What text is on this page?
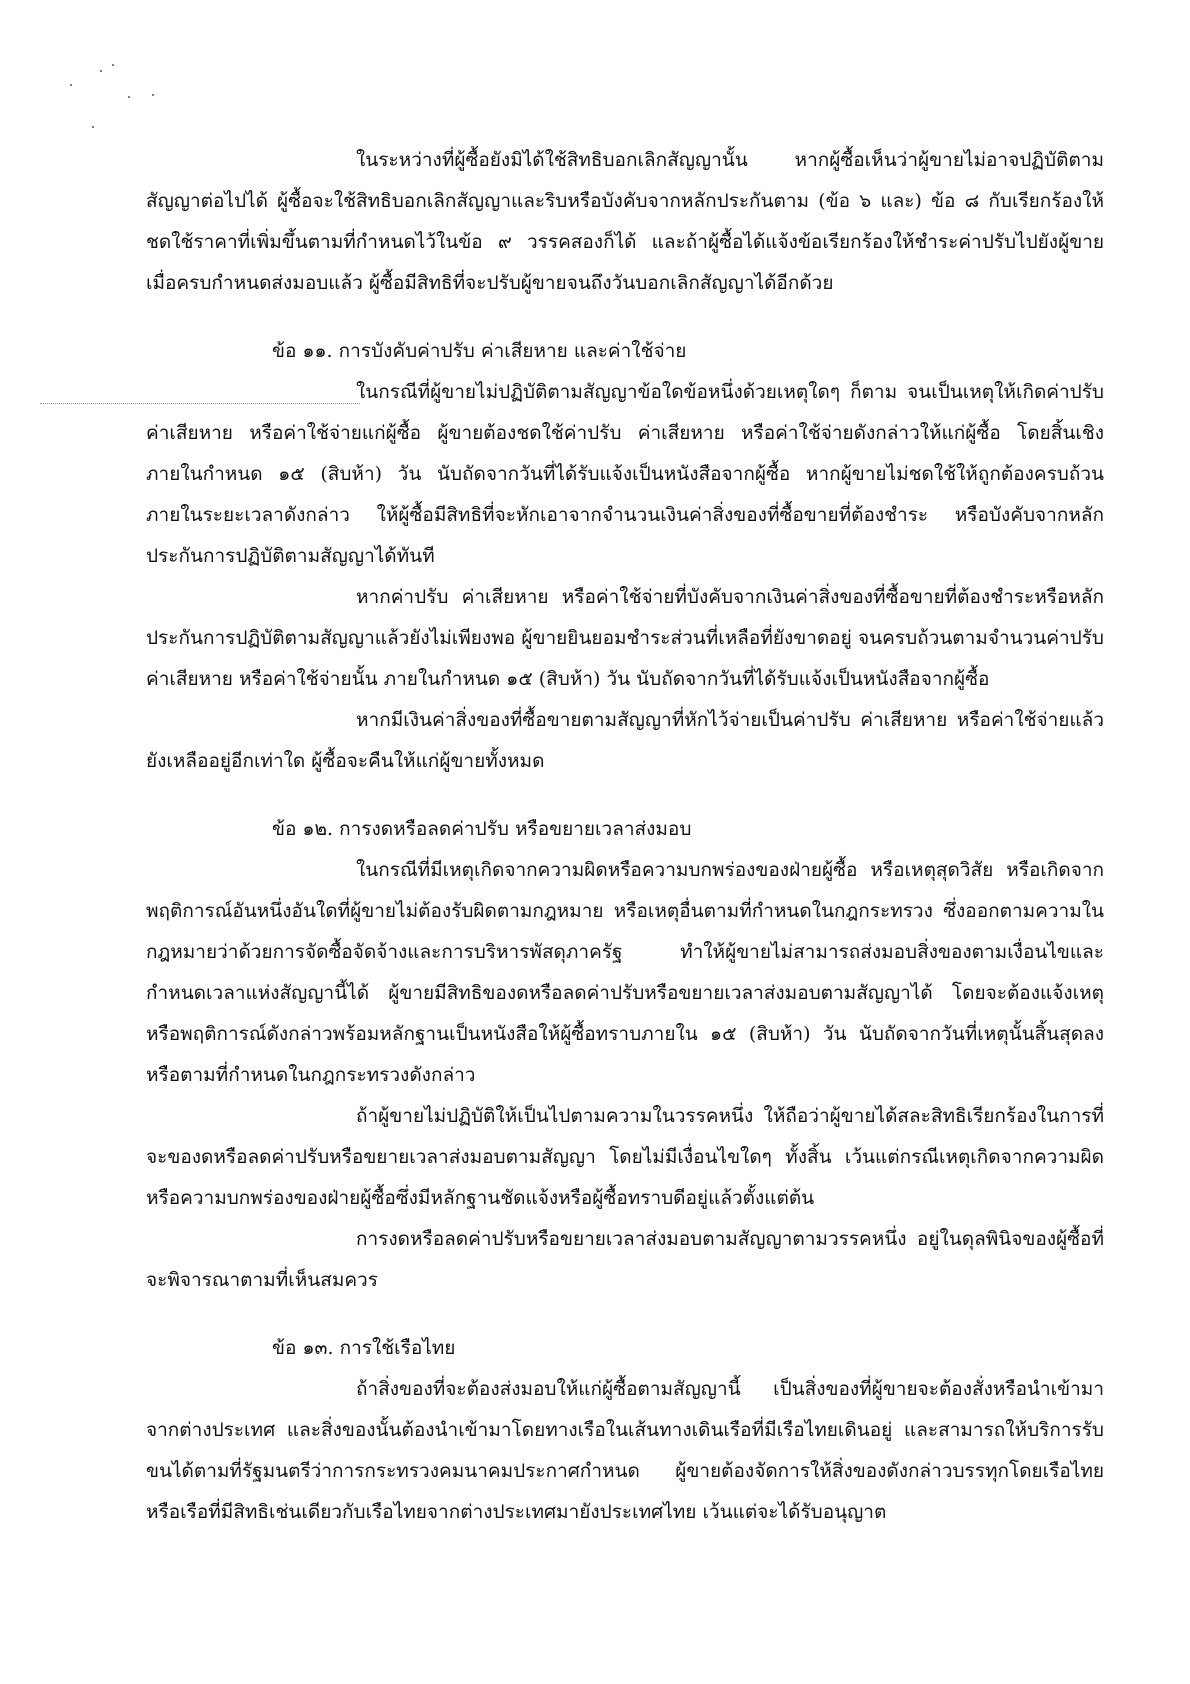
ในระหว่างที่ผู้ซื้อยังมิได้ใช้สิทธิบอกเลิกสัญญานั้น หากผู้ซื้อเห็นว่าผู้ขายไม่อาจปฏิบัติตามสัญญาต่อไปได้ ผู้ซื้อจะใช้สิทธิบอกเลิกสัญญาและริบหรือบังคับจากหลักประกันตาม (ข้อ ๖ และ) ข้อ ๘ กับเรียกร้องให้ชดใช้ราคาที่เพิ่มขึ้นตามที่กำหนดไว้ในข้อ ๙ วรรคสองก็ได้ และถ้าผู้ซื้อได้แจ้งข้อเรียกร้องให้ชำระค่าปรับไปยังผู้ขายเมื่อครบกำหนดส่งมอบแล้ว ผู้ซื้อมีสิทธิที่จะปรับผู้ขายจนถึงวันบอกเลิกสัญญาได้อีกด้วย

ข้อ ๑๑. การบังคับค่าปรับ ค่าเสียหาย และค่าใช้จ่าย

ในกรณีที่ผู้ขายไม่ปฏิบัติตามสัญญาข้อใดข้อหนึ่งด้วยเหตุใดๆ ก็ตาม จนเป็นเหตุให้เกิดค่าปรับ ค่าเสียหาย หรือค่าใช้จ่ายแก่ผู้ซื้อ ผู้ขายต้องชดใช้ค่าปรับ ค่าเสียหาย หรือค่าใช้จ่ายดังกล่าวให้แก่ผู้ซื้อ โดยสิ้นเชิงภายในกำหนด ๑๕ (สิบห้า) วัน นับถัดจากวันที่ได้รับแจ้งเป็นหนังสือจากผู้ซื้อ หากผู้ขายไม่ชดใช้ให้ถูกต้องครบถ้วนภายในระยะเวลาดังกล่าว ให้ผู้ซื้อมีสิทธิที่จะหักเอาจากจำนวนเงินค่าสิ่งของที่ซื้อขายที่ต้องชำระ หรือบังคับจากหลักประกันการปฏิบัติตามสัญญาได้ทันที

หากค่าปรับ ค่าเสียหาย หรือค่าใช้จ่ายที่บังคับจากเงินค่าสิ่งของที่ซื้อขายที่ต้องชำระหรือหลักประกันการปฏิบัติตามสัญญาแล้วยังไม่เพียงพอ ผู้ขายยินยอมชำระส่วนที่เหลือที่ยังขาดอยู่ จนครบถ้วนตามจำนวนค่าปรับ ค่าเสียหาย หรือค่าใช้จ่ายนั้น ภายในกำหนด ๑๕ (สิบห้า) วัน นับถัดจากวันที่ได้รับแจ้งเป็นหนังสือจากผู้ซื้อ

หากมีเงินค่าสิ่งของที่ซื้อขายตามสัญญาที่หักไว้จ่ายเป็นค่าปรับ ค่าเสียหาย หรือค่าใช้จ่ายแล้วยังเหลืออยู่อีกเท่าใด ผู้ซื้อจะคืนให้แก่ผู้ขายทั้งหมด

ข้อ ๑๒. การงดหรือลดค่าปรับ หรือขยายเวลาส่งมอบ

ในกรณีที่มีเหตุเกิดจากความผิดหรือความบกพร่องของฝ่ายผู้ซื้อ หรือเหตุสุดวิสัย หรือเกิดจากพฤติการณ์อันหนึ่งอันใดที่ผู้ขายไม่ต้องรับผิดตามกฎหมาย หรือเหตุอื่นตามที่กำหนดในกฎกระทรวง ซึ่งออกตามความในกฎหมายว่าด้วยการจัดซื้อจัดจ้างและการบริหารพัสดุภาครัฐ ทำให้ผู้ขายไม่สามารถส่งมอบสิ่งของตามเงื่อนไขและกำหนดเวลาแห่งสัญญานี้ได้ ผู้ขายมีสิทธิของดหรือลดค่าปรับหรือขยายเวลาส่งมอบตามสัญญาได้ โดยจะต้องแจ้งเหตุหรือพฤติการณ์ดังกล่าวพร้อมหลักฐานเป็นหนังสือให้ผู้ซื้อทราบภายใน ๑๕ (สิบห้า) วัน นับถัดจากวันที่เหตุนั้นสิ้นสุดลง หรือตามที่กำหนดในกฎกระทรวงดังกล่าว

ถ้าผู้ขายไม่ปฏิบัติให้เป็นไปตามความในวรรคหนึ่ง ให้ถือว่าผู้ขายได้สละสิทธิเรียกร้องในการที่จะของดหรือลดค่าปรับหรือขยายเวลาส่งมอบตามสัญญา โดยไม่มีเงื่อนไขใดๆ ทั้งสิ้น เว้นแต่กรณีเหตุเกิดจากความผิดหรือความบกพร่องของฝ่ายผู้ซื้อซึ่งมีหลักฐานชัดแจ้งหรือผู้ซื้อทราบดีอยู่แล้วตั้งแต่ต้น

การงดหรือลดค่าปรับหรือขยายเวลาส่งมอบตามสัญญาตามวรรคหนึ่ง อยู่ในดุลพินิจของผู้ซื้อที่จะพิจารณาตามที่เห็นสมควร

ข้อ ๑๓. การใช้เรือไทย

ถ้าสิ่งของที่จะต้องส่งมอบให้แก่ผู้ซื้อตามสัญญานี้ เป็นสิ่งของที่ผู้ขายจะต้องสั่งหรือนำเข้ามาจากต่างประเทศ และสิ่งของนั้นต้องนำเข้ามาโดยทางเรือในเส้นทางเดินเรือที่มีเรือไทยเดินอยู่ และสามารถให้บริการรับขนได้ตามที่รัฐมนตรีว่าการกระทรวงคมนาคมประกาศกำหนด ผู้ขายต้องจัดการให้สิ่งของดังกล่าวบรรทุกโดยเรือไทยหรือเรือที่มีสิทธิเช่นเดียวกับเรือไทยจากต่างประเทศมายังประเทศไทย เว้นแต่จะได้รับอนุญาต
